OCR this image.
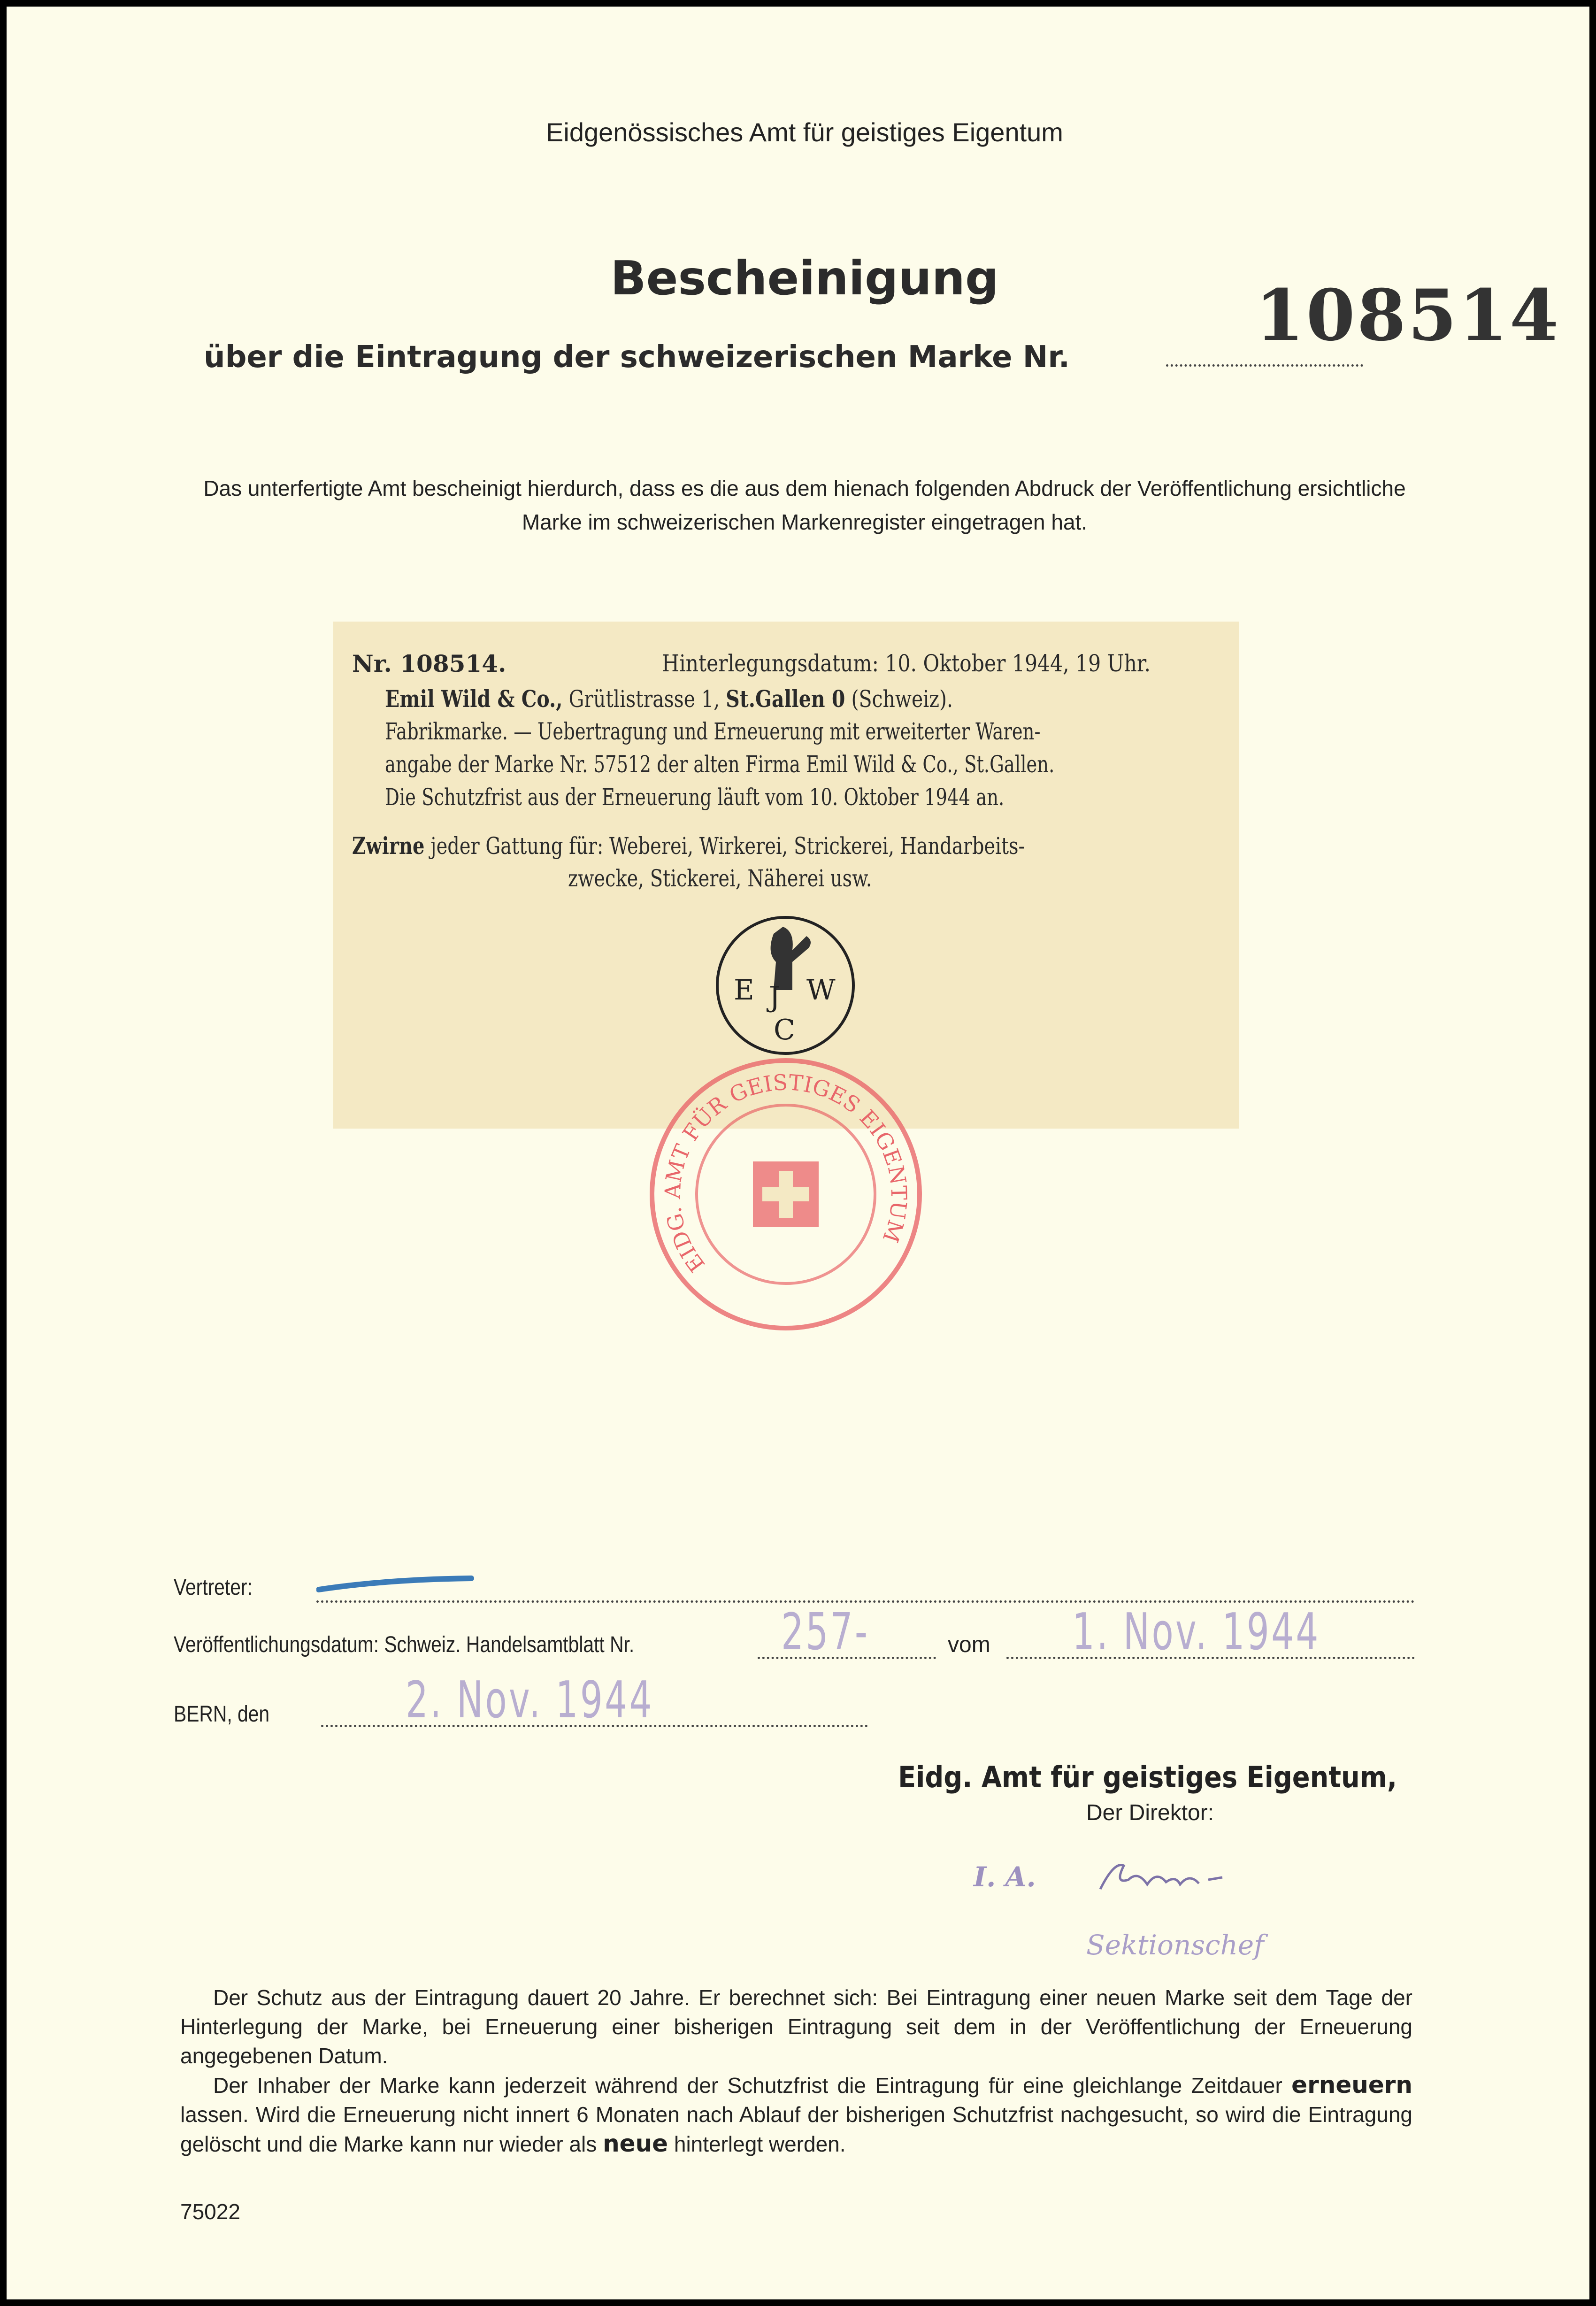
Eidgenössisches Amt für geistiges Eigentum
Bescheinigung
über die Eintragung der schweizerischen Marke Nr.
108514
Das unterfertigte Amt bescheinigt hierdurch, dass es die aus dem hienach folgenden Abdruck der Veröffentlichung ersichtliche Marke im schweizerischen Markenregister eingetragen hat.
Nr. 108514.	Hinterlegungsdatum: 10. Oktober 1944, 19 Uhr.
Emil Wild & Co., Grütlistrasse 1, St.Gallen 0 (Schweiz).
Fabrikmarke. — Uebertragung und Erneuerung mit erweiterter Waren-
angabe der Marke Nr. 57512 der alten Firma Emil Wild & Co., St.Gallen.
Die Schutzfrist aus der Erneuerung läuft vom 10. Oktober 1944 an.
Zwirne jeder Gattung für: Weberei, Wirkerei, Strickerei, Handarbeits-
zwecke, Stickerei, Näherei usw.
EIDG. AMT FÜR GEISTIGES EIGENTUM
E J W
C
Vertreter:
Veröffentlichungsdatum: Schweiz. Handelsamtblatt Nr.	257-	vom 1. Nov. 1944
BERN, den	2. Nov. 1944
Eidg. Amt für geistiges Eigentum,
Der Direktor:
I. A.
Sektionschef

Der Schutz aus der Eintragung dauert 20 Jahre. Er berechnet sich: Bei Eintragung einer neuen Marke seit dem Tage der Hinterlegung der Marke, bei Erneuerung einer bisherigen Eintragung seit dem in der Veröffentlichung der Erneuerung angegebenen Datum.

Der Inhaber der Marke kann jederzeit während der Schutzfrist die Eintragung für eine gleichlange Zeitdauer erneuern lassen. Wird die Erneuerung nicht innert 6 Monaten nach Ablauf der bisherigen Schutzfrist nachgesucht, so wird die Eintragung gelöscht und die Marke kann nur wieder als neue hinterlegt werden.

75022
